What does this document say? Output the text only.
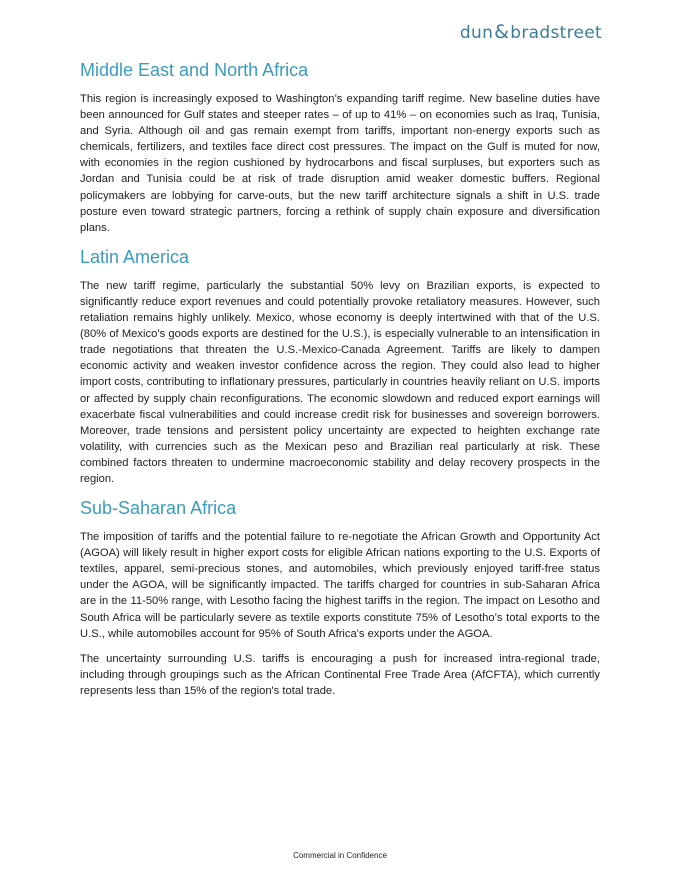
dun & bradstreet
Middle East and North Africa

This region is increasingly exposed to Washington’s expanding tariff regime. New baseline duties have been announced for Gulf states and steeper rates – of up to 41% – on economies such as Iraq, Tunisia, and Syria. Although oil and gas remain exempt from tariffs, important non-energy exports such as chemicals, fertilizers, and textiles face direct cost pressures. The impact on the Gulf is muted for now, with economies in the region cushioned by hydrocarbons and fiscal surpluses, but exporters such as Jordan and Tunisia could be at risk of trade disruption amid weaker domestic buffers. Regional policymakers are lobbying for carve-outs, but the new tariff architecture signals a shift in U.S. trade posture even toward strategic partners, forcing a rethink of supply chain exposure and diversification plans.

Latin America

The new tariff regime, particularly the substantial 50% levy on Brazilian exports, is expected to significantly reduce export revenues and could potentially provoke retaliatory measures. However, such retaliation remains highly unlikely. Mexico, whose economy is deeply intertwined with that of the U.S. (80% of Mexico’s goods exports are destined for the U.S.), is especially vulnerable to an intensification in trade negotiations that threaten the U.S.-Mexico-Canada Agreement. Tariffs are likely to dampen economic activity and weaken investor confidence across the region. They could also lead to higher import costs, contributing to inflationary pressures, particularly in countries heavily reliant on U.S. imports or affected by supply chain reconfigurations. The economic slowdown and reduced export earnings will exacerbate fiscal vulnerabilities and could increase credit risk for businesses and sovereign borrowers. Moreover, trade tensions and persistent policy uncertainty are expected to heighten exchange rate volatility, with currencies such as the Mexican peso and Brazilian real particularly at risk. These combined factors threaten to undermine macroeconomic stability and delay recovery prospects in the region.

Sub-Saharan Africa

The imposition of tariffs and the potential failure to re-negotiate the African Growth and Opportunity Act (AGOA) will likely result in higher export costs for eligible African nations exporting to the U.S. Exports of textiles, apparel, semi-precious stones, and automobiles, which previously enjoyed tariff-free status under the AGOA, will be significantly impacted. The tariffs charged for countries in sub-Saharan Africa are in the 11-50% range, with Lesotho facing the highest tariffs in the region. The impact on Lesotho and South Africa will be particularly severe as textile exports constitute 75% of Lesotho’s total exports to the U.S., while automobiles account for 95% of South Africa's exports under the AGOA.

The uncertainty surrounding U.S. tariffs is encouraging a push for increased intra-regional trade, including through groupings such as the African Continental Free Trade Area (AfCFTA), which currently represents less than 15% of the region's total trade.

Commercial in Confidence
